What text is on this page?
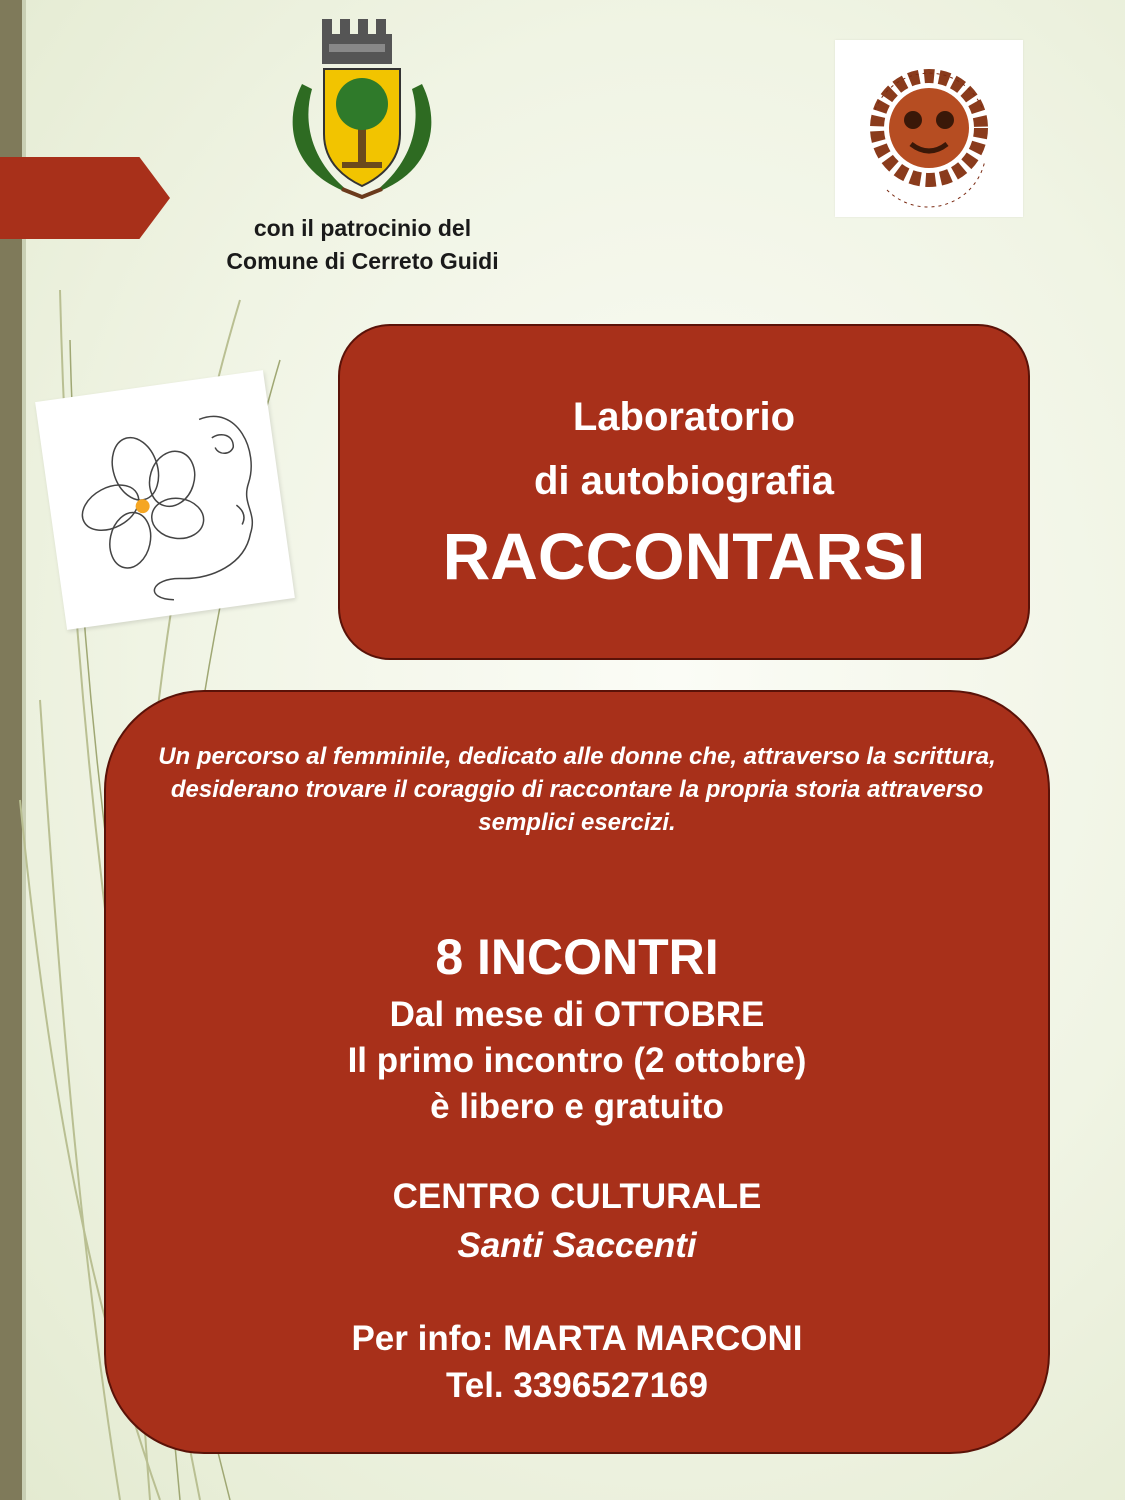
con il patrocinio del
Comune di Cerreto Guidi
Laboratorio
di autobiografia
RACCONTARSI
Un percorso al femminile, dedicato alle donne che, attraverso la scrittura, desiderano trovare il coraggio di raccontare la propria storia attraverso semplici esercizi.
8 INCONTRI
Dal mese di OTTOBRE
Il primo incontro (2 ottobre)
è libero e gratuito
CENTRO CULTURALE
Santi Saccenti
Per info: MARTA MARCONI
Tel. 3396527169
